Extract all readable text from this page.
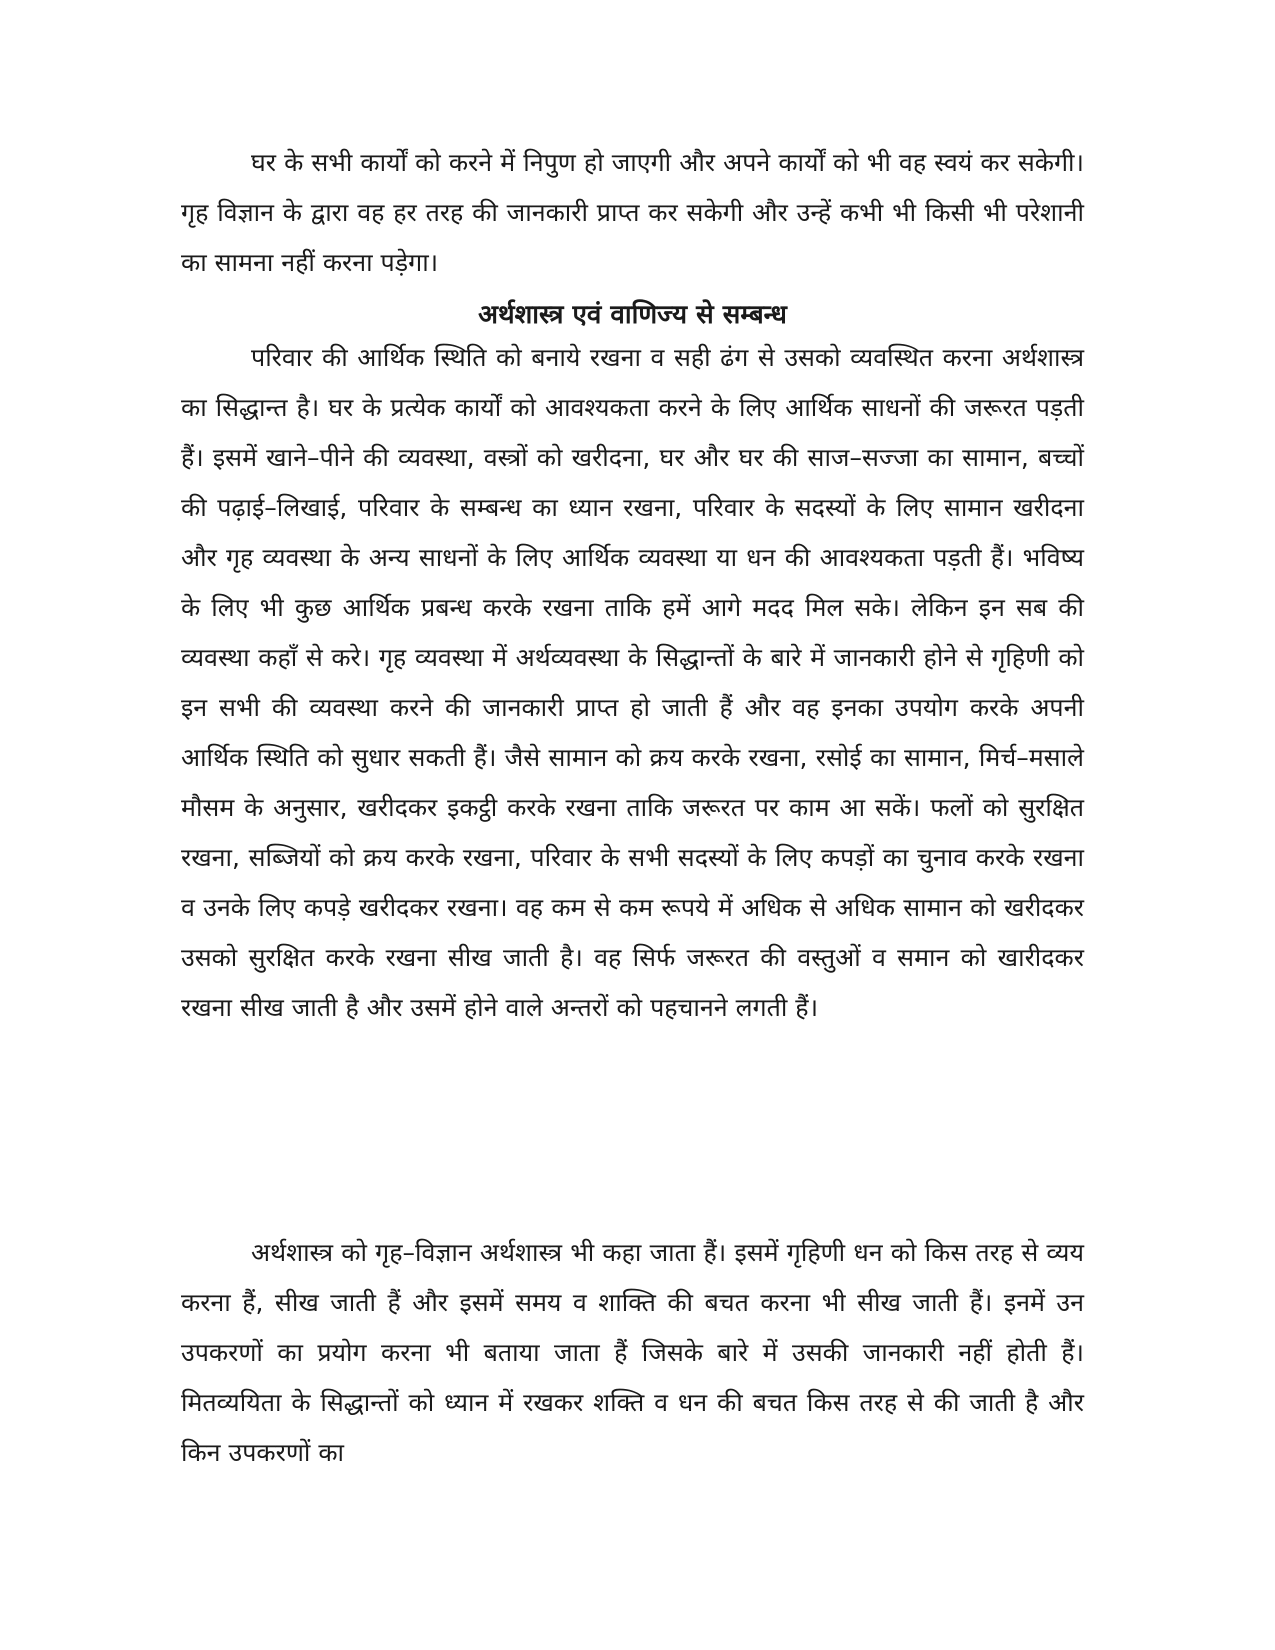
घर के सभी कार्यों को करने में निपुण हो जाएगी और अपने कार्यों को भी वह स्वयं कर सकेगी। गृह विज्ञान के द्वारा वह हर तरह की जानकारी प्राप्त कर सकेगी और उन्हें कभी भी किसी भी परेशानी का सामना नहीं करना पड़ेगा।

अर्थशास्त्र एवं वाणिज्य से सम्बन्ध

परिवार की आर्थिक स्थिति को बनाये रखना व सही ढंग से उसको व्यवस्थित करना अर्थशास्त्र का सिद्धान्त है। घर के प्रत्येक कार्यों को आवश्यकता करने के लिए आर्थिक साधनों की जरूरत पड़ती हैं। इसमें खाने–पीने की व्यवस्था, वस्त्रों को खरीदना, घर और घर की साज–सज्जा का सामान, बच्चों की पढ़ाई–लिखाई, परिवार के सम्बन्ध का ध्यान रखना, परिवार के सदस्यों के लिए सामान खरीदना और गृह व्यवस्था के अन्य साधनों के लिए आर्थिक व्यवस्था या धन की आवश्यकता पड़ती हैं। भविष्य के लिए भी कुछ आर्थिक प्रबन्ध करके रखना ताकि हमें आगे मदद मिल सके। लेकिन इन सब की व्यवस्था कहाँ से करे। गृह व्यवस्था में अर्थव्यवस्था के सिद्धान्तों के बारे में जानकारी होने से गृहिणी को इन सभी की व्यवस्था करने की जानकारी प्राप्त हो जाती हैं और वह इनका उपयोग करके अपनी आर्थिक स्थिति को सुधार सकती हैं। जैसे सामान को क्रय करके रखना, रसोई का सामान, मिर्च–मसाले मौसम के अनुसार, खरीदकर इकट्ठी करके रखना ताकि जरूरत पर काम आ सकें। फलों को सुरक्षित रखना, सब्जियों को क्रय करके रखना, परिवार के सभी सदस्यों के लिए कपड़ों का चुनाव करके रखना व उनके लिए कपड़े खरीदकर रखना। वह कम से कम रूपये में अधिक से अधिक सामान को खरीदकर उसको सुरक्षित करके रखना सीख जाती है। वह सिर्फ जरूरत की वस्तुओं व समान को खारीदकर रखना सीख जाती है और उसमें होने वाले अन्तरों को पहचानने लगती हैं।

अर्थशास्त्र को गृह–विज्ञान अर्थशास्त्र भी कहा जाता हैं। इसमें गृहिणी धन को किस तरह से व्यय करना हैं, सीख जाती हैं और इसमें समय व शाक्ति की बचत करना भी सीख जाती हैं। इनमें उन उपकरणों का प्रयोग करना भी बताया जाता हैं जिसके बारे में उसकी जानकारी नहीं होती हैं। मितव्ययिता के सिद्धान्तों को ध्यान में रखकर शक्ति व धन की बचत किस तरह से की जाती है और किन उपकरणों का
